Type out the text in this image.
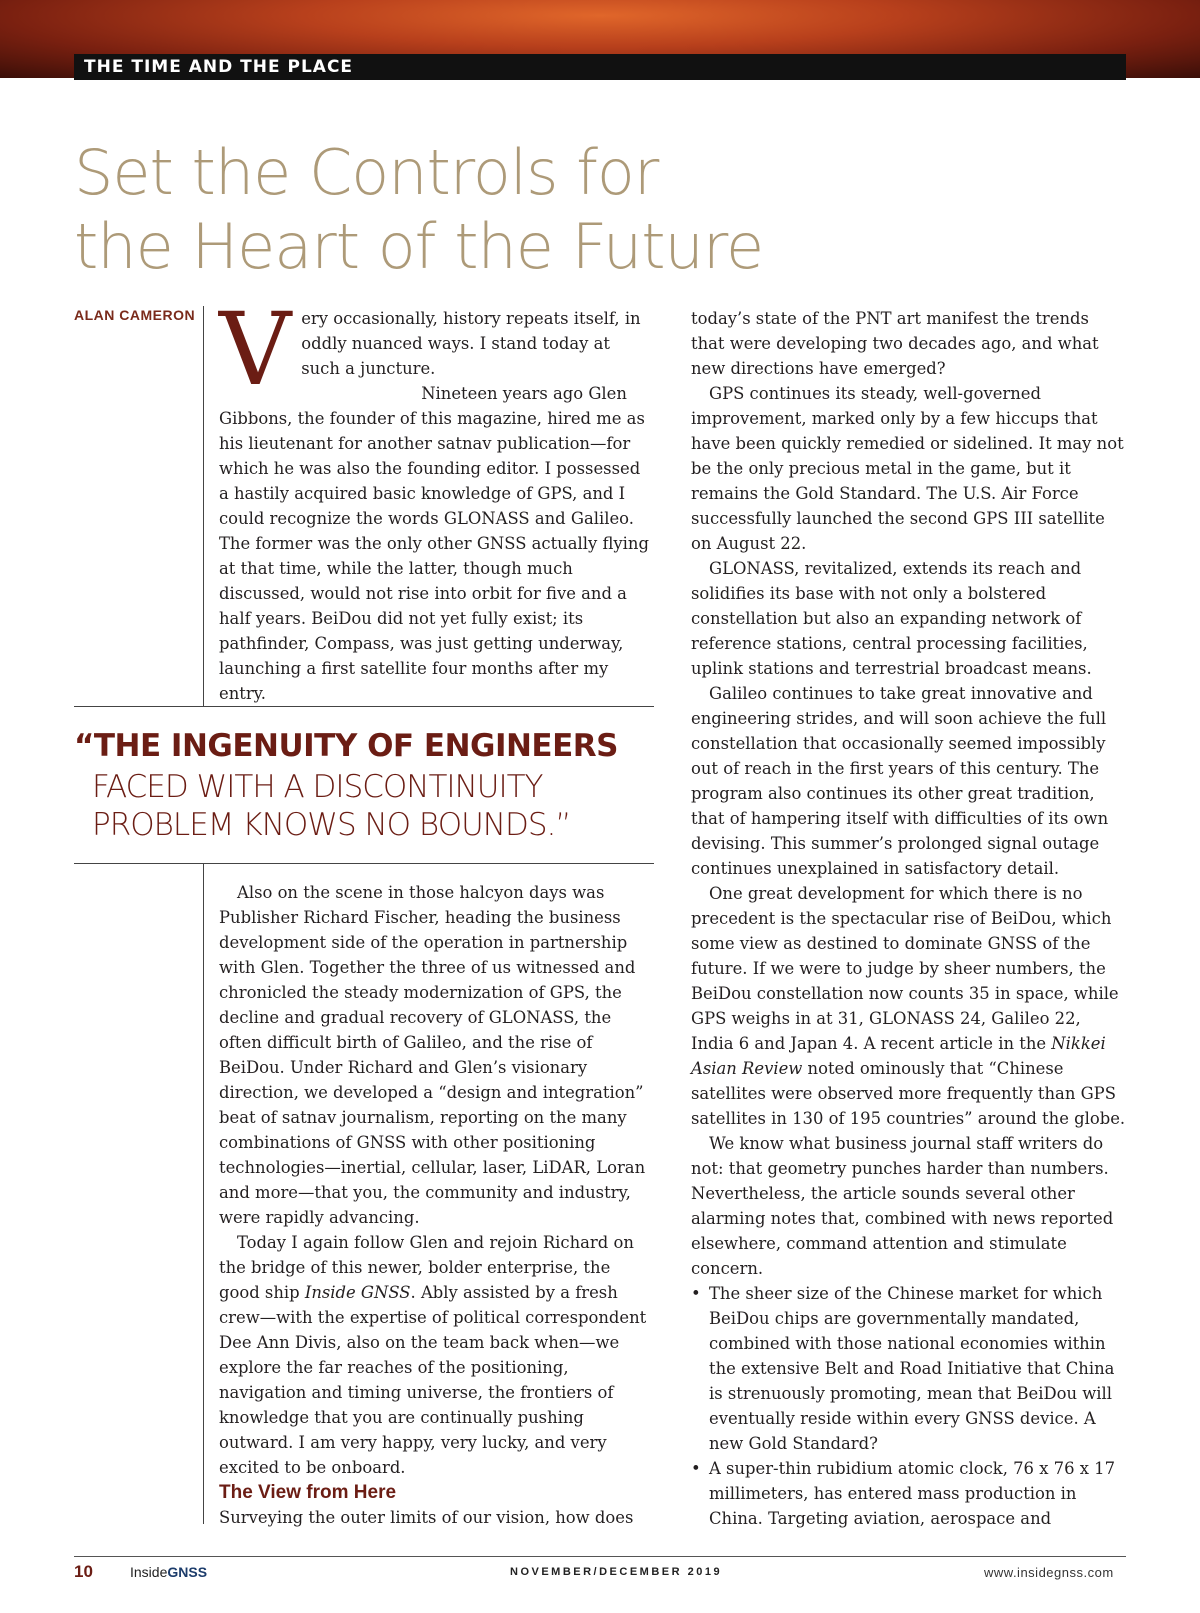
THE TIME AND THE PLACE
Set the Controls for
the Heart of the Future
ALAN CAMERON Very occasionally, history repeats itself, in oddly nuanced ways. I stand today at such a juncture.

Nineteen years ago Glen Gibbons, the founder of this magazine, hired me as his lieutenant for another satnav publication—for which he was also the founding editor. I possessed a hastily acquired basic knowledge of GPS, and I could recognize the words GLONASS and Galileo. The former was the only other GNSS actually flying at that time, while the latter, though much discussed, would not rise into orbit for five and a half years. BeiDou did not yet fully exist; its pathfinder, Compass, was just getting underway, launching a first satellite four months after my entry.

“THE INGENUITY OF ENGINEERS
FACED WITH A DISCONTINUITY PROBLEM KNOWS NO BOUNDS.”

Also on the scene in those halcyon days was Publisher Richard Fischer, heading the business development side of the operation in partnership with Glen. Together the three of us witnessed and chronicled the steady modernization of GPS, the decline and gradual recovery of GLONASS, the often difficult birth of Galileo, and the rise of BeiDou. Under Richard and Glen’s visionary direction, we developed a “design and integration” beat of satnav journalism, reporting on the many combinations of GNSS with other positioning technologies—inertial, cellular, laser, LiDAR, Loran and more—that you, the community and industry, were rapidly advancing.

Today I again follow Glen and rejoin Richard on the bridge of this newer, bolder enterprise, the good ship Inside GNSS. Ably assisted by a fresh crew—with the expertise of political correspondent Dee Ann Divis, also on the team back when—we explore the far reaches of the positioning, navigation and timing universe, the frontiers of knowledge that you are continually pushing outward. I am very happy, very lucky, and very excited to be onboard.

The View from Here

Surveying the outer limits of our vision, how does

today’s state of the PNT art manifest the trends that were developing two decades ago, and what new directions have emerged?

GPS continues its steady, well-governed improvement, marked only by a few hiccups that have been quickly remedied or sidelined. It may not be the only precious metal in the game, but it remains the Gold Standard. The U.S. Air Force successfully launched the second GPS III satellite on August 22.

GLONASS, revitalized, extends its reach and solidifies its base with not only a bolstered constellation but also an expanding network of reference stations, central processing facilities, uplink stations and terrestrial broadcast means.

Galileo continues to take great innovative and engineering strides, and will soon achieve the full constellation that occasionally seemed impossibly out of reach in the first years of this century. The program also continues its other great tradition, that of hampering itself with difficulties of its own devising. This summer’s prolonged signal outage continues unexplained in satisfactory detail.

One great development for which there is no precedent is the spectacular rise of BeiDou, which some view as destined to dominate GNSS of the future. If we were to judge by sheer numbers, the BeiDou constellation now counts 35 in space, while GPS weighs in at 31, GLONASS 24, Galileo 22, India 6 and Japan 4. A recent article in the Nikkei Asian Review noted ominously that “Chinese satellites were observed more frequently than GPS satellites in 130 of 195 countries” around the globe.

We know what business journal staff writers do not: that geometry punches harder than numbers. Nevertheless, the article sounds several other alarming notes that, combined with news reported elsewhere, command attention and stimulate concern.

• The sheer size of the Chinese market for which BeiDou chips are governmentally mandated, combined with those national economies within the extensive Belt and Road Initiative that China is strenuously promoting, mean that BeiDou will eventually reside within every GNSS device. A new Gold Standard?
• A super-thin rubidium atomic clock, 76 x 76 x 17 millimeters, has entered mass production in China. Targeting aviation, aerospace and
10	InsideGNSS	NOVEMBER/DECEMBER 2019	www.insidegnss.com
